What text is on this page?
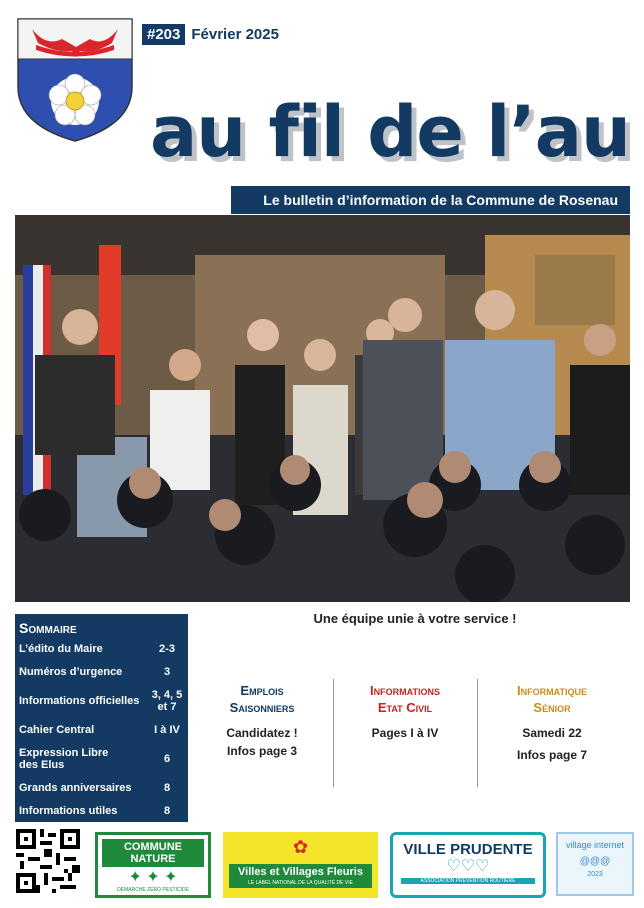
#203 Février 2025
au fil de l’au
Le bulletin d’information de la Commune de Rosenau
Sommaire
L’édito du Maire	2-3
Numéros d’urgence	3
Informations officielles 3, 4, 5 et 7
Cahier Central	I à IV
Expression Libre des Elus	6
Grands anniversaires	8
Informations utiles	8
Une équipe unie à votre service !
Emplois
Saisonniers

Candidatez !

Infos page 3

Informations
Etat Civil

Pages I à IV

Informatique
Sénior

Samedi 22

Infos page 7

COMMUNE NATURE
✦ ✦ ✦
DÉMARCHE ZÉRO PESTICIDE
✿
Villes et Villages Fleuris
LE LABEL NATIONAL DE LA QUALITÉ DE VIE
VILLE PRUDENTE
♡♡♡
ASSOCIATION PRÉVENTION ROUTIÈRE
village internet
@@@
2023
